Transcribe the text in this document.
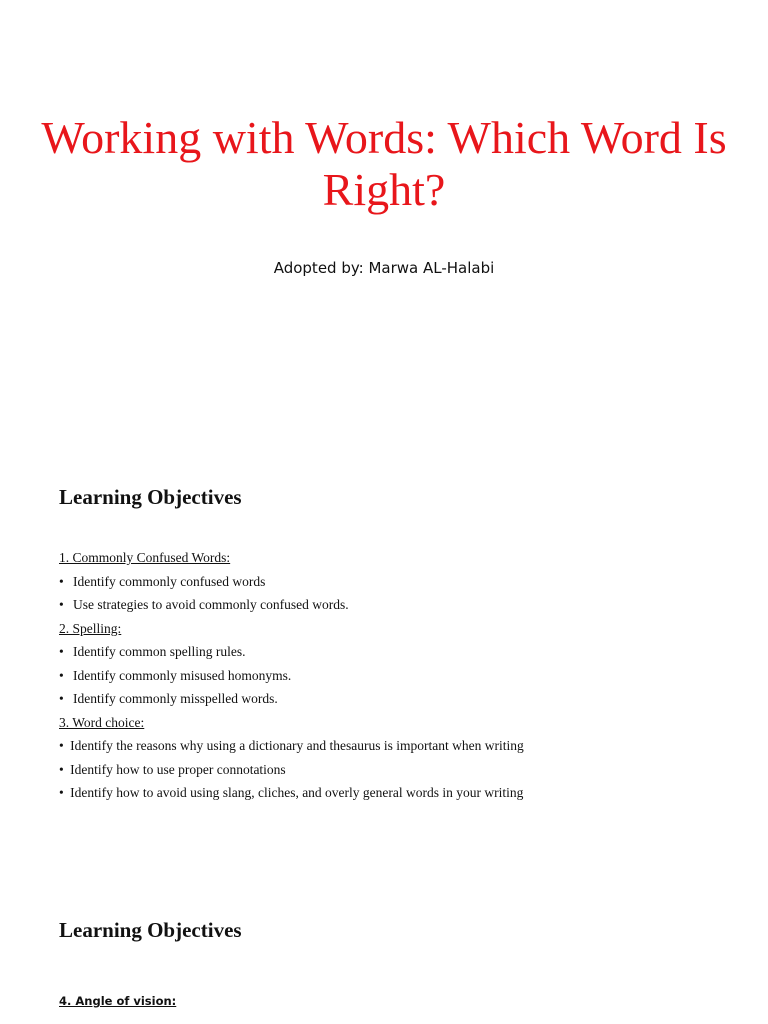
Working with Words: Which Word Is Right?
Adopted by: Marwa AL-Halabi
Learning Objectives
1. Commonly Confused Words:
• Identify commonly confused words
• Use strategies to avoid commonly confused words.
2. Spelling:
• Identify common spelling rules.
• Identify commonly misused homonyms.
• Identify commonly misspelled words.
3. Word choice:
• Identify the reasons why using a dictionary and thesaurus is important when writing
• Identify how to use proper connotations
• Identify how to avoid using slang, cliches, and overly general words in your writing
Learning Objectives
4. Angle of vision:
